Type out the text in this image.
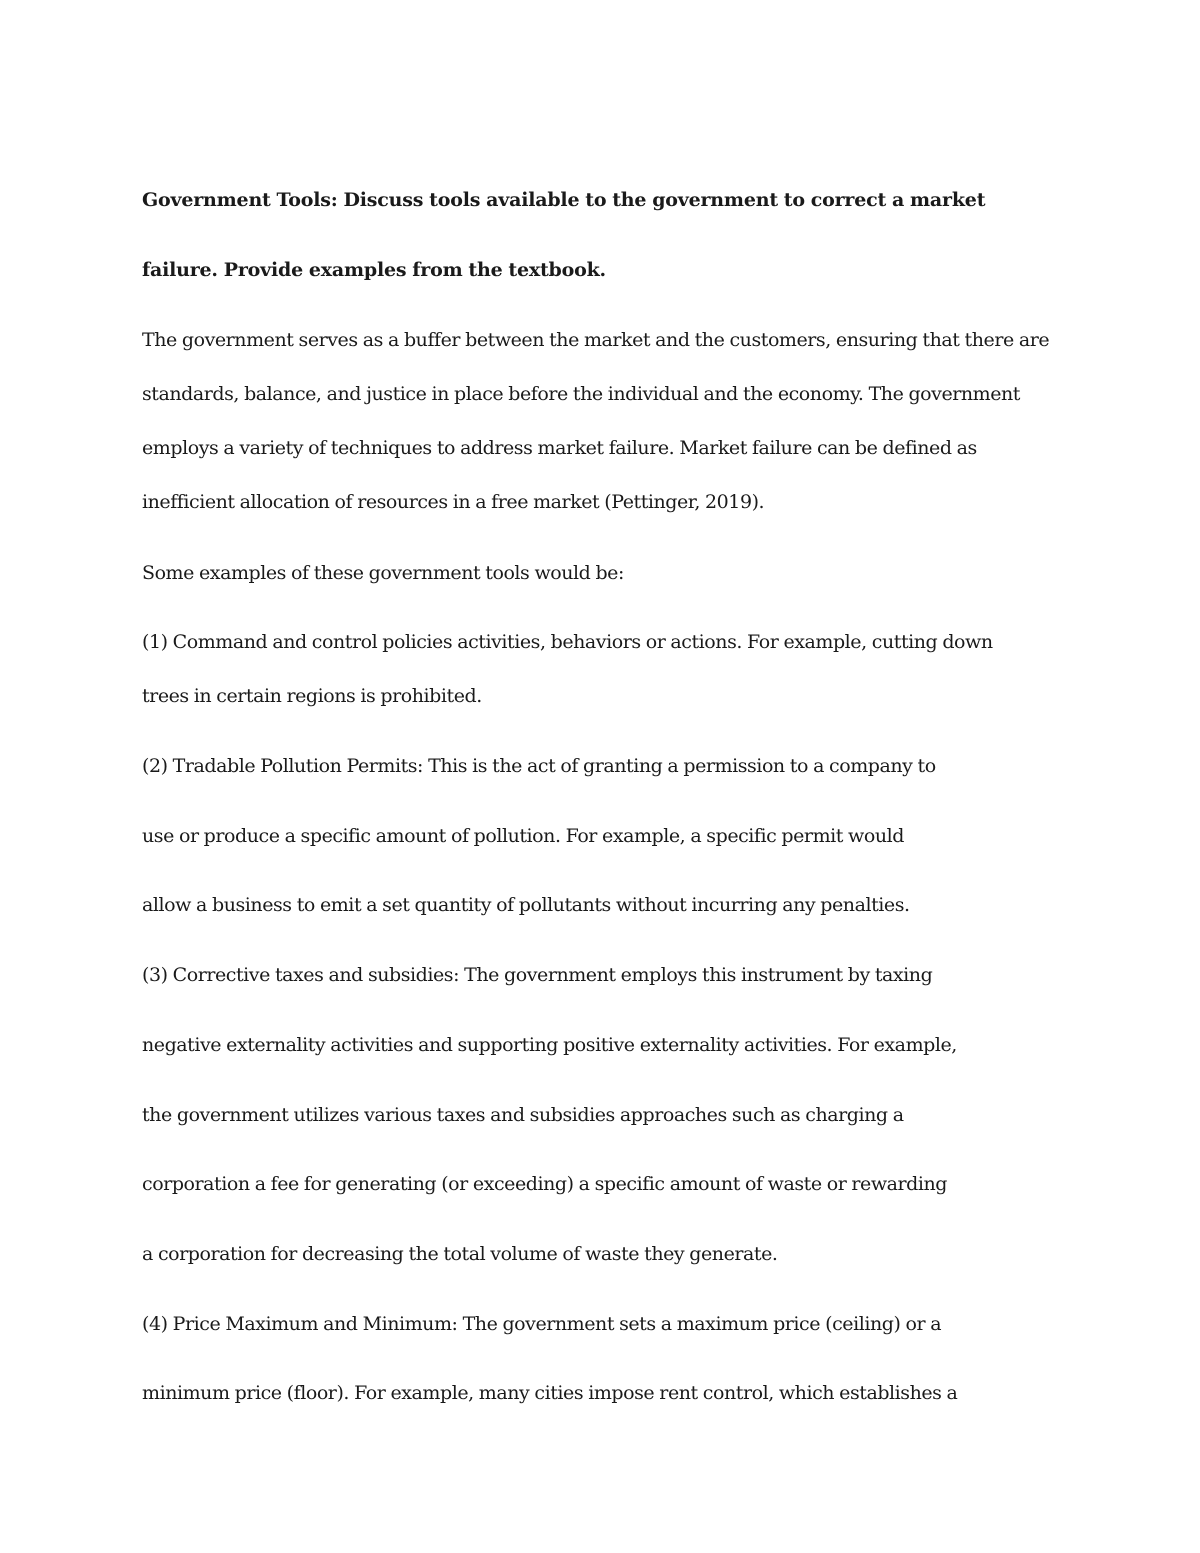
Government Tools: Discuss tools available to the government to correct a market
failure. Provide examples from the textbook.
The government serves as a buffer between the market and the customers, ensuring that there are
standards, balance, and justice in place before the individual and the economy. The government
employs a variety of techniques to address market failure. Market failure can be defined as
inefficient allocation of resources in a free market (Pettinger, 2019).
Some examples of these government tools would be:
(1) Command and control policies activities, behaviors or actions. For example, cutting down
trees in certain regions is prohibited.
(2) Tradable Pollution Permits: This is the act of granting a permission to a company to
use or produce a specific amount of pollution. For example, a specific permit would
allow a business to emit a set quantity of pollutants without incurring any penalties.
(3) Corrective taxes and subsidies: The government employs this instrument by taxing
negative externality activities and supporting positive externality activities. For example,
the government utilizes various taxes and subsidies approaches such as charging a
corporation a fee for generating (or exceeding) a specific amount of waste or rewarding
a corporation for decreasing the total volume of waste they generate.
(4) Price Maximum and Minimum: The government sets a maximum price (ceiling) or a
minimum price (floor). For example, many cities impose rent control, which establishes a
